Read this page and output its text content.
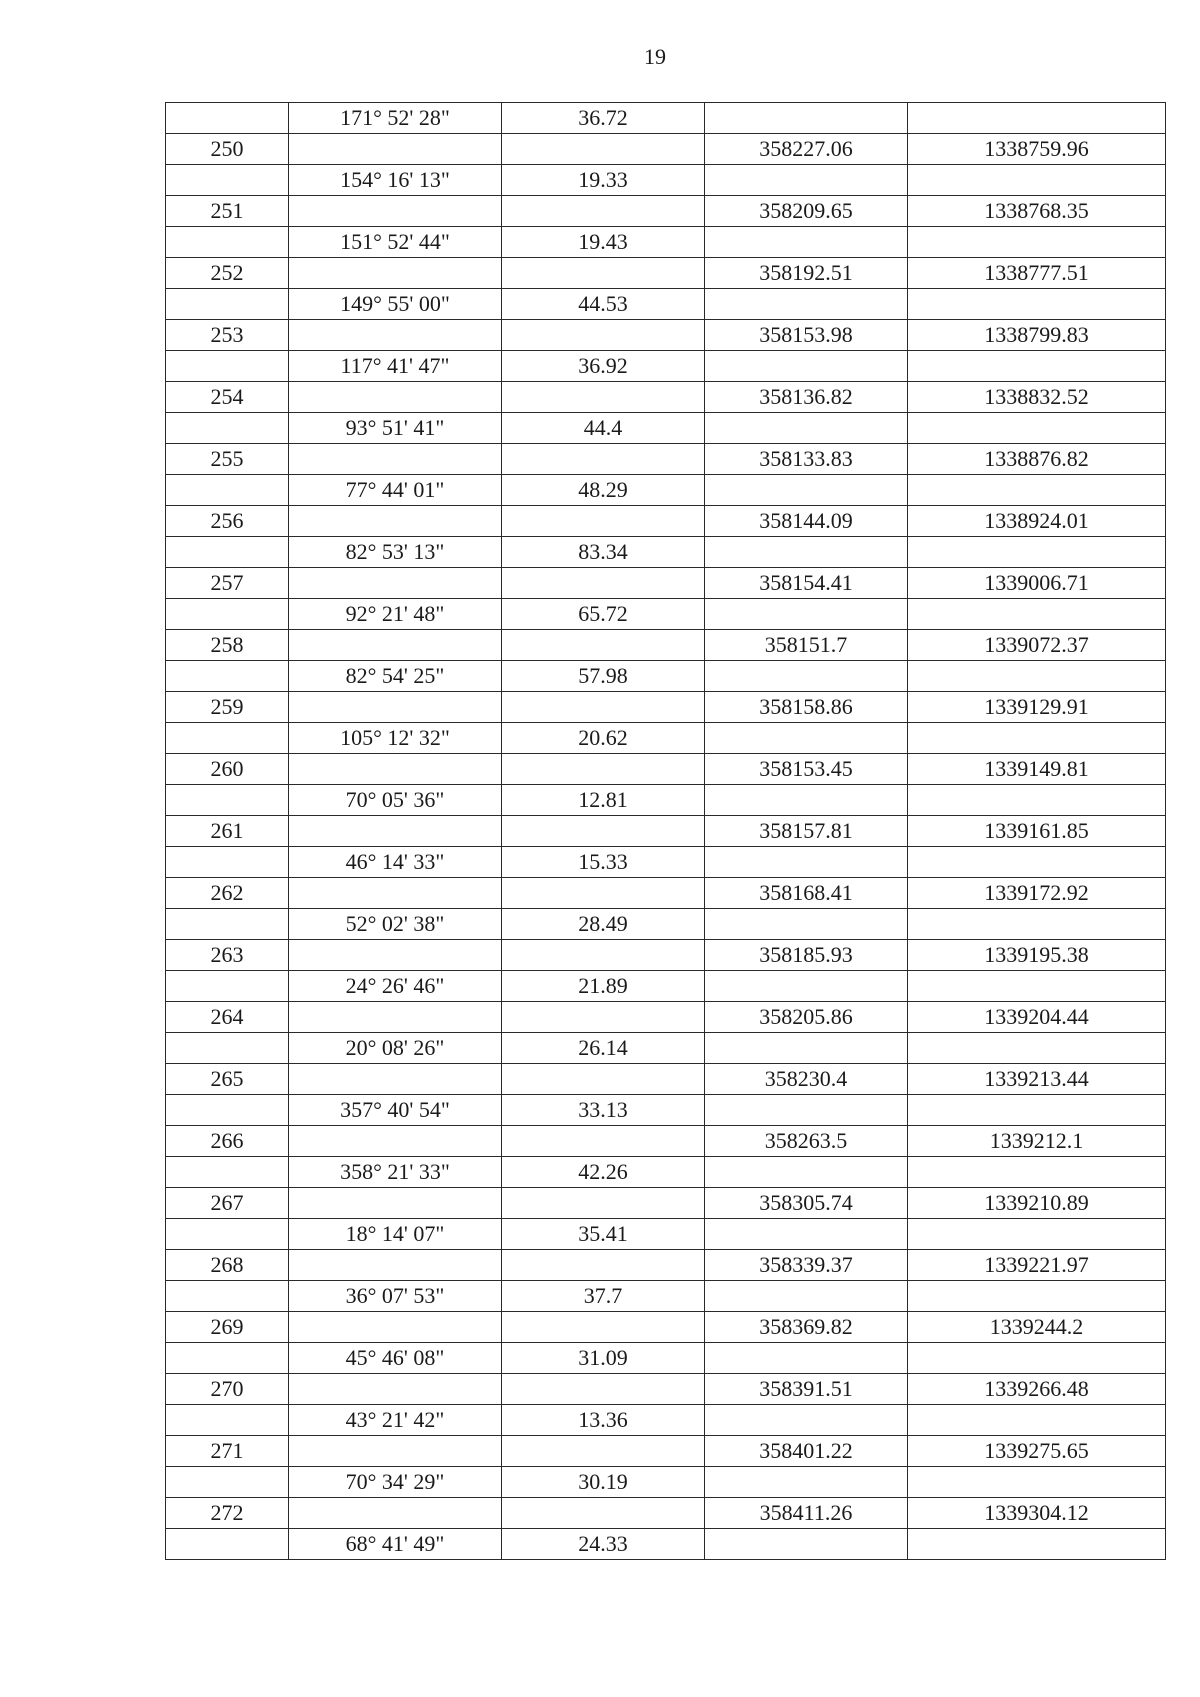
19
	171° 52' 28"	36.72		
250			358227.06	1338759.96
	154° 16' 13"	19.33		
251			358209.65	1338768.35
	151° 52' 44"	19.43		
252			358192.51	1338777.51
	149° 55' 00"	44.53		
253			358153.98	1338799.83
	117° 41' 47"	36.92		
254			358136.82	1338832.52
	93° 51' 41"	44.4		
255			358133.83	1338876.82
	77° 44' 01"	48.29		
256			358144.09	1338924.01
	82° 53' 13"	83.34		
257			358154.41	1339006.71
	92° 21' 48"	65.72		
258			358151.7	1339072.37
	82° 54' 25"	57.98		
259			358158.86	1339129.91
	105° 12' 32"	20.62		
260			358153.45	1339149.81
	70° 05' 36"	12.81		
261			358157.81	1339161.85
	46° 14' 33"	15.33		
262			358168.41	1339172.92
	52° 02' 38"	28.49		
263			358185.93	1339195.38
	24° 26' 46"	21.89		
264			358205.86	1339204.44
	20° 08' 26"	26.14		
265			358230.4	1339213.44
	357° 40' 54"	33.13		
266			358263.5	1339212.1
	358° 21' 33"	42.26		
267			358305.74	1339210.89
	18° 14' 07"	35.41		
268			358339.37	1339221.97
	36° 07' 53"	37.7		
269			358369.82	1339244.2
	45° 46' 08"	31.09		
270			358391.51	1339266.48
	43° 21' 42"	13.36		
271			358401.22	1339275.65
	70° 34' 29"	30.19		
272			358411.26	1339304.12
	68° 41' 49"	24.33		
